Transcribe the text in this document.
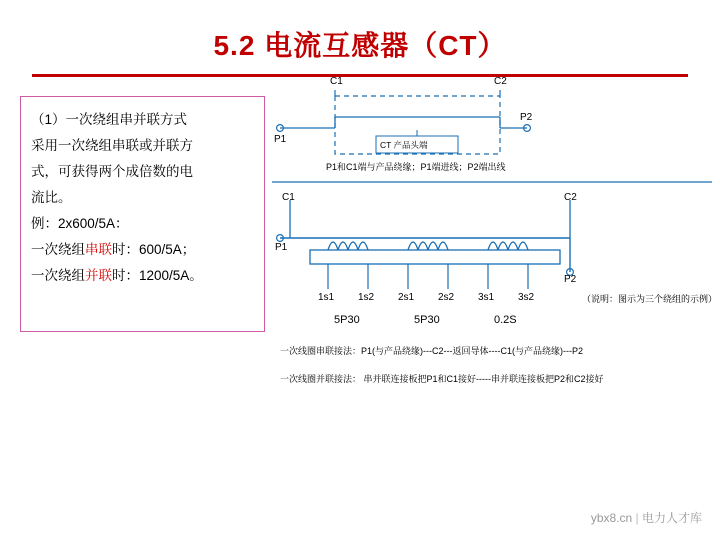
5.2 电流互感器（CT）
（1）一次绕组串并联方式
采用一次绕组串联或并联方
式，可获得两个成倍数的电
流比。
例：2x600/5A：
一次绕组串联时：600/5A；
一次绕组并联时：1200/5A。
C1	C2
P1
P2
CT 产品头端
P1和C1端与产品绕缘；P1端进线；P2端出线
C1	C2
P1
P2
1s1 1s2 2s1 2s2 3s1 3s2
5P30	5P30	0.2S
（说明：图示为三个绕组的示例）
一次线圈串联接法：P1(与产品绕缘)---C2---返回导体----C1(与产品绕缘)---P2
一次线圈并联接法： 串并联连接板把P1和C1接好-----串并联连接板把P2和C2接好
ybx8.cn | 电力人才库
